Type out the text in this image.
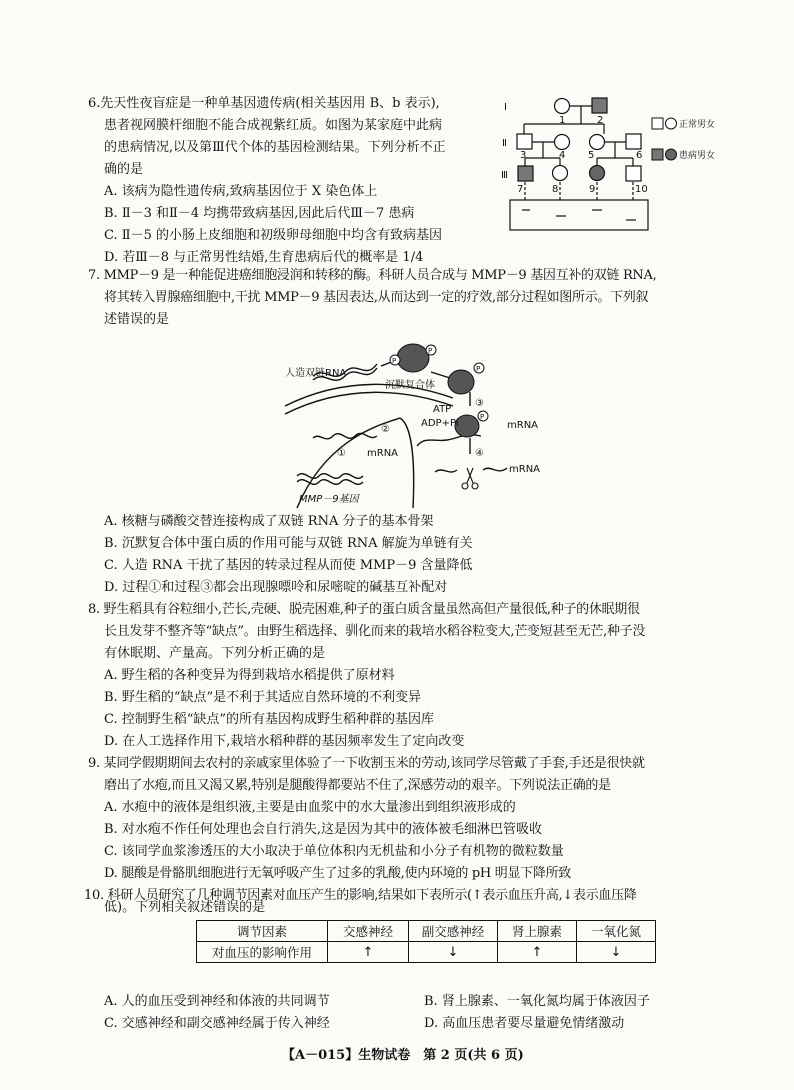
6.先天性夜盲症是一种单基因遗传病(相关基因用 B、b 表示),
患者视网膜杆细胞不能合成视紫红质。如图为某家庭中此病
的患病情况,以及第Ⅲ代个体的基因检测结果。下列分析不正
确的是
A. 该病为隐性遗传病,致病基因位于 X 染色体上
B. Ⅱ－3 和Ⅱ－4 均携带致病基因,因此后代Ⅲ－7 患病
C. Ⅱ－5 的小肠上皮细胞和初级卵母细胞中均含有致病基因
D. 若Ⅲ－8 与正常男性结婚,生育患病后代的概率是 1/4
Ⅰ
Ⅱ
Ⅲ
1	2
3	4 5	6
7	8	9	10
正常男女
患病男女
7. MMP－9 是一种能促进癌细胞浸润和转移的酶。科研人员合成与 MMP－9 基因互补的双链 RNA,
将其转入胃腺癌细胞中,干扰 MMP－9 基因表达,从而达到一定的疗效,部分过程如图所示。下列叙
述错误的是
P
P
P
P
人造双链RNA
沉默复合体
ATP
ADP+Pi	mRNA
mRNA
mRNA
MMP－9基因
①
②
③
④
A. 核糖与磷酸交替连接构成了双链 RNA 分子的基本骨架
B. 沉默复合体中蛋白质的作用可能与双链 RNA 解旋为单链有关
C. 人造 RNA 干扰了基因的转录过程从而使 MMP－9 含量降低
D. 过程①和过程③都会出现腺嘌呤和尿嘧啶的碱基互补配对
8. 野生稻具有谷粒细小,芒长,壳硬、脱壳困难,种子的蛋白质含量虽然高但产量很低,种子的休眠期很
长且发芽不整齐等“缺点”。由野生稻选择、驯化而来的栽培水稻谷粒变大,芒变短甚至无芒,种子没
有休眠期、产量高。下列分析正确的是
A. 野生稻的各种变异为得到栽培水稻提供了原材料
B. 野生稻的“缺点”是不利于其适应自然环境的不利变异
C. 控制野生稻“缺点”的所有基因构成野生稻种群的基因库
D. 在人工选择作用下,栽培水稻种群的基因频率发生了定向改变
9. 某同学假期期间去农村的亲戚家里体验了一下收割玉米的劳动,该同学尽管戴了手套,手还是很快就
磨出了水疱,而且又渴又累,特别是腿酸得都要站不住了,深感劳动的艰辛。下列说法正确的是
A. 水疱中的液体是组织液,主要是由血浆中的水大量渗出到组织液形成的
B. 对水疱不作任何处理也会自行消失,这是因为其中的液体被毛细淋巴管吸收
C. 该同学血浆渗透压的大小取决于单位体积内无机盐和小分子有机物的微粒数量
D. 腿酸是骨骼肌细胞进行无氧呼吸产生了过多的乳酸,使内环境的 pH 明显下降所致
10. 科研人员研究了几种调节因素对血压产生的影响,结果如下表所示(↑表示血压升高,↓表示血压降
低)。下列相关叙述错误的是
调节因素	交感神经	副交感神经	肾上腺素	一氧化氮
对血压的影响作用	↑	↓	↑	↓
A. 人的血压受到神经和体液的共同调节	B. 肾上腺素、一氧化氮均属于体液因子
C. 交感神经和副交感神经属于传入神经	D. 高血压患者要尽量避免情绪激动
【A－015】生物试卷　第 2 页(共 6 页)
